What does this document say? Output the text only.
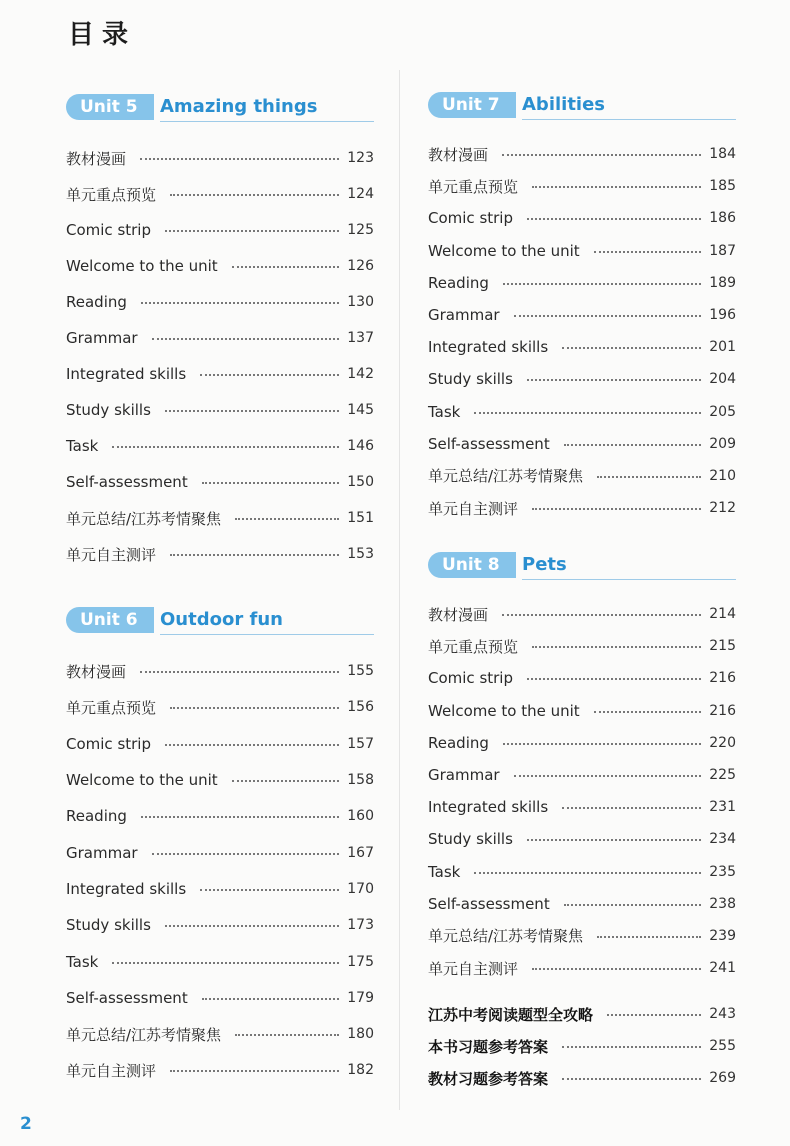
目录
Unit 5	Amazing things
教材漫画	123
单元重点预览	124
Comic strip	125
Welcome to the unit	126
Reading	130
Grammar	137
Integrated skills	142
Study skills	145
Task	146
Self-assessment	150
单元总结/江苏考情聚焦	151
单元自主测评	153
Unit 6	Outdoor fun
教材漫画	155
单元重点预览	156
Comic strip	157
Welcome to the unit	158
Reading	160
Grammar	167
Integrated skills	170
Study skills	173
Task	175
Self-assessment	179
单元总结/江苏考情聚焦	180
单元自主测评	182
Unit 7	Abilities
教材漫画	184
单元重点预览	185
Comic strip	186
Welcome to the unit	187
Reading	189
Grammar	196
Integrated skills	201
Study skills	204
Task	205
Self-assessment	209
单元总结/江苏考情聚焦	210
单元自主测评	212
Unit 8	Pets
教材漫画	214
单元重点预览	215
Comic strip	216
Welcome to the unit	216
Reading	220
Grammar	225
Integrated skills	231
Study skills	234
Task	235
Self-assessment	238
单元总结/江苏考情聚焦	239
单元自主测评	241
江苏中考阅读题型全攻略	243
本书习题参考答案	255
教材习题参考答案	269
2
